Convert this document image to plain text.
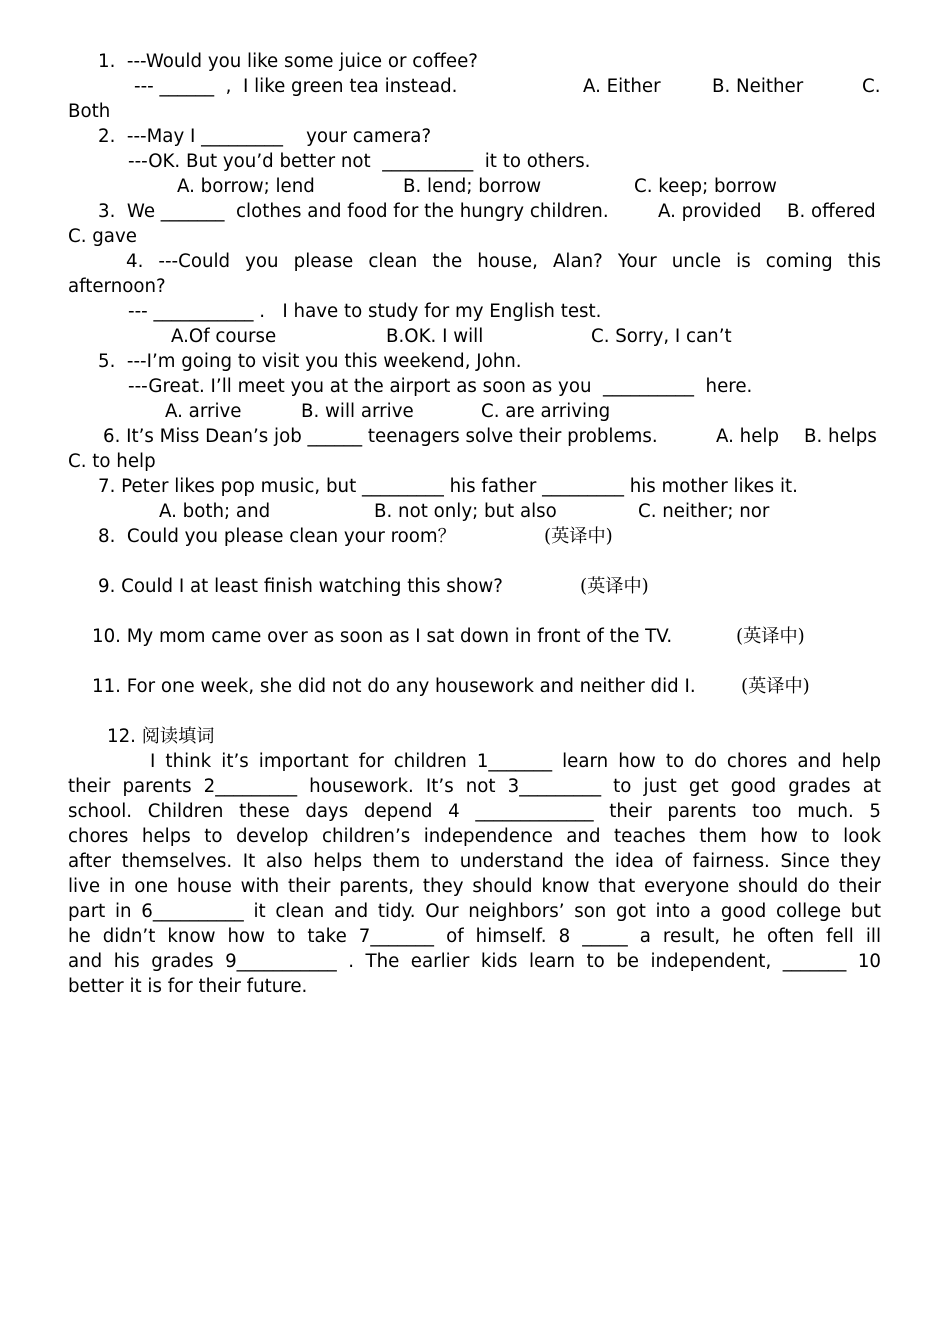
1.  ---Would you like some juice or coffee?
--- ______  ,  I like green tea instead.	A. Either	B. Neither	C.
Both
2.  ---May I _________    your camera?
---OK. But you’d better not  __________  it to others.
A. borrow; lend	B. lend; borrow	C. keep; borrow
3.  We _______  clothes and food for the hungry children.	A. provided B. offered
C. gave
4. ---Could you please clean the house, Alan? Your uncle is coming this
afternoon?
--- ___________ .   I have to study for my English test.
A.Of course	B.OK. I will	C. Sorry, I can’t
5.  ---I’m going to visit you this weekend, John.
---Great. I’ll meet you at the airport as soon as you  __________  here.
A. arrive	B. will arrive	C. are arriving
6. It’s Miss Dean’s job ______ teenagers solve their problems.	A. help B. helps
C. to help
7. Peter likes pop music, but _________ his father _________ his mother likes it.
A. both; and	B. not only; but also	C. neither; nor
8.  Could you please clean your room？	(英译中)
9. Could I at least finish watching this show?	(英译中)
10. My mom came over as soon as I sat down in front of the TV.	(英译中)
11. For one week, she did not do any housework and neither did I. (英译中)
12. 阅读填词
I think it’s important for children 1_______ learn how to do chores and help
their parents 2_________ housework. It’s not 3_________ to just get good grades at
school. Children these days depend 4 _____________ their parents too much. 5
chores helps to develop children’s independence and teaches them how to look
after themselves. It also helps them to understand the idea of fairness. Since they
live in one house with their parents, they should know that everyone should do their
part in 6__________ it clean and tidy. Our neighbors’ son got into a good college but
he didn’t know how to take 7_______ of himself. 8 _____ a result, he often fell ill
and his grades 9___________ . The earlier kids learn to be independent, _______ 10
better it is for their future.
